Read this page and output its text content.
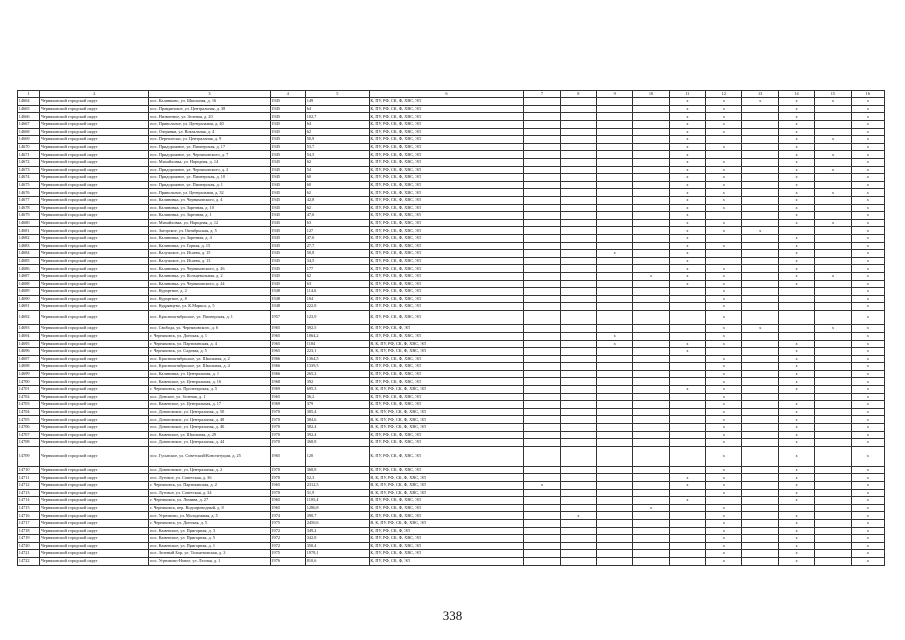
1	2	3	4	5	6	7	8	9	10	11	12	13	14	15	16
14664	Черняховский городской округ	пос. Калинково, ул. Школьная, д. 16	1945	149	К, ПУ, РФ, СК, Ф, ХВС, ЭЛ					x	x	x	x	x	x
14665	Черняховский городской округ	пос. Правдинское, ул. Центральная, д. 38	1945	64	К, ПУ, РФ, СК, Ф, ХВС, ЭЛ					x	x		x		x
14666	Черняховский городской округ	пос. Низменное, ул. Зеленая, д. 20	1945	102,7	К, ПУ, РФ, СК, Ф, ХВС, ЭЛ					x	x		x		x
14667	Черняховский городской округ	пос. Привольное, ул. Центральная, д. 40	1945	64	К, ПУ, РФ, СК, Ф, ХВС, ЭЛ					x	x		x		x
14668	Черняховский городской округ	пос. Озерянки, ул. Вокзальная, д. 4	1945	62	К, ПУ, РФ, СК, Ф, ХВС, ЭЛ					x	x		x		x
14669	Черняховский городской округ	пос. Переплески, ул. Центральная, д. 9	1945	50,9	К, ПУ, РФ, СК, Ф, ХВС, ЭЛ					x			x	x	x
14670	Черняховский городской округ	пос. Придорожное, ул. Пионерская, д. 17	1945	53,7	К, ПУ, РФ, СК, Ф, ХВС, ЭЛ					x	x		x		x
14671	Черняховский городской округ	пос. Придорожное, ул. Черняховского, д. 7	1945	54,5	К, ПУ, РФ, СК, Ф, ХВС, ЭЛ					x			x	x	x
14672	Черняховский городской округ	пос. Михайловка, ул. Народная, д. 14	1945	62	К, ПУ, РФ, СК, Ф, ХВС, ЭЛ					x	x		x		x
14673	Черняховский городской округ	пос. Придорожное, ул. Черняховского, д. 2	1945	54	К, ПУ, РФ, СК, Ф, ХВС, ЭЛ					x	x		x	x	x
14674	Черняховский городской округ	пос. Придорожное, ул. Пионерская, д. 10	1945	60	К, ПУ, РФ, СК, Ф, ХВС, ЭЛ					x	x		x		x
14675	Черняховский городской округ	пос. Придорожное, ул. Пионерская, д. 1	1945	60	К, ПУ, РФ, СК, Ф, ХВС, ЭЛ					x	x		x		x
14676	Черняховский городской округ	пос. Привольное, ул. Центральная, д. 32	1945	62	К, ПУ, РФ, СК, Ф, ХВС, ЭЛ					x	x		x	x	x
14677	Черняховский городской округ	пос. Калиновка, ул. Черняховского, д. 4	1945	42,8	К, ПУ, РФ, СК, Ф, ХВС, ЭЛ					x	x		x		x
14678	Черняховский городской округ	пос. Калиновка, ул. Заречная, д. 10	1945	62	К, ПУ, РФ, СК, Ф, ХВС, ЭЛ					x	x		x		x
14679	Черняховский городской округ	пос. Калиновка, ул. Заречная, д. 1	1945	47,6	К, ПУ, РФ, СК, Ф, ХВС, ЭЛ					x			x		x
14680	Черняховский городской округ	пос. Михайловка, ул. Народная, д. 12	1945	63	К, ПУ, РФ, СК, Ф, ХВС, ЭЛ					x	x		x	x	x
14681	Черняховский городской округ	пос. Загорское, ул. Октябрьская, д. 5	1945	127	К, ПУ, РФ, СК, Ф, ХВС, ЭЛ					x	x	x			x
14682	Черняховский городской округ	пос. Калиновка, ул. Заречная, д. 4	1945	47,6	К, ПУ, РФ, СК, Ф, ХВС, ЭЛ					x			x		x
14683	Черняховский городской округ	пос. Калиновка, ул. Горная, д. 15	1945	27,7	К, ПУ, РФ, СК, Ф, ХВС, ЭЛ					x	x		x		x
14684	Черняховский городской округ	пос. Калужское, ул. Исаева, д. 15	1945	50,8	К, ПУ, РФ, СК, Ф, ХВС, ЭЛ			x		x			x		x
14685	Черняховский городской округ	пос. Калужское, ул. Исаева, д. 13	1945	34,5	К, ПУ, РФ, СК, Ф, ХВС, ЭЛ					x			x		x
14686	Черняховский городской округ	пос. Калиновка, ул. Черняховского, д. 26	1945	177	К, ПУ, РФ, СК, Ф, ХВС, ЭЛ					x	x		x		x
14687	Черняховский городской округ	пос. Калиновка, ул. Кольцевальная, д. 2	1945	62	К, ПУ, РФ, СК, Ф, ХВС, ЭЛ				x	x	x		x	x	x
14688	Черняховский городской округ	пос. Калиновка, ул. Черняховского, д. 24	1945	63	К, ПУ, РФ, СК, Ф, ХВС, ЭЛ					x	x		x		x
14689	Черняховский городской округ	пос. Курортное, д. 2	1948	114,6	К, ПУ, РФ, СК, Ф, ХВС, ЭЛ						x				x
14690	Черняховский городской округ	пос. Курортное, д. 8	1948	104	К, ПУ, РФ, СК, Ф, ХВС, ЭЛ						x				x
14691	Черняховский городской округ	пос. Кудрявцево, ул. К.Маркса, д. 5	1948	222,8	К, ПУ, РФ, СК, Ф, ХВС, ЭЛ						x				x
14692	Черняховский городской округ	пос. Краснооктябрьское, ул. Пионерская, д. 1	1957	123,9	К, ПУ, РФ, СК, Ф, ХВС, ЭЛ						x				x
14693	Черняховский городской округ	пос. Свобода, ул. Черняховского, д. 6	1965	392,5	К, ПУ, РФ, СК, Ф, ЭЛ						x	x		x	x
14694	Черняховский городской округ	г. Черняховск, ул. Донская, д. 1	1965	1064,2	К, ПУ, РФ, СК, Ф, ХВС, ЭЛ			x			x				x
14695	Черняховский городской округ	г. Черняховск, ул. Партизанская, д. 4	1965	1184	В, К, ПУ, РФ, СК, Ф, ХВС, ЭЛ			x		x	x		x		x
14696	Черняховский городской округ	г. Черняховск, ул. Садовая, д. 5	1965	223,1	В, К, ПУ, РФ, СК, Ф, ХВС, ЭЛ					x			x		x
14697	Черняховский городской округ	пос. Краснооктябрьское, ул. Школьная, д. 2	1966	1364,5	К, ПУ, РФ, СК, Ф, ХВС, ЭЛ						x		x		x
14698	Черняховский городской округ	пос. Краснооктябрьское, ул. Школьная, д. 4	1966	1339,5	К, ПУ, РФ, СК, Ф, ХВС, ЭЛ						x		x		x
14699	Черняховский городской округ	пос. Калиновка, ул. Центральная, д. 1	1966	265,2	К, ПУ, РФ, СК, Ф, ХВС, ЭЛ						x		x		x
14700	Черняховский городской округ	пос. Каменское, ул. Центральная, д. 16	1968	392	К, ПУ, РФ, СК, Ф, ХВС, ЭЛ						x		x		x
14701	Черняховский городской округ	г. Черняховск, ул. Пролетарская, д. 5	1969	695,3	В, К, ПУ, РФ, СК, Ф, ХВС, ЭЛ					x	x		x		x
14702	Черняховский городской округ	пос. Донское, ул. Зеленая, д. 1	1965	36,2	К, ПУ, РФ, СК, Ф, ХВС, ЭЛ						x				x
14703	Черняховский городской округ	пос. Каменское, ул. Центральная, д. 17	1969	379	К, ПУ, РФ, СК, Ф, ХВС, ЭЛ						x		x		x
14704	Черняховский городской округ	пос. Доватовское, ул. Центральная, д. 50	1970	385,4	В, К, ПУ, РФ, СК, Ф, ХВС, ЭЛ						x		x		x
14705	Черняховский городской округ	пос. Доватовское, ул. Центральная, д. 48	1970	384,6	В, К, ПУ, РФ, СК, Ф, ХВС, ЭЛ						x		x		x
14706	Черняховский городской округ	пос. Доватовское, ул. Центральная, д. 46	1970	382,4	В, К, ПУ, РФ, СК, Ф, ХВС, ЭЛ						x		x		x
14707	Черняховский городской округ	пос. Каменское, ул. Школьная, д. 29	1970	392,4	К, ПУ, РФ, СК, Ф, ХВС, ЭЛ						x		x		x
14708	Черняховский городской округ	пос. Доватовское, ул. Центральная, д. 44	1970	368,8	К, ПУ, РФ, СК, Ф, ХВС, ЭЛ						x		x		x
14709	Черняховский городской округ	пос. Гусьвское, ул. Советский/Конституции, д. 25	1965	120	К, ПУ, РФ, СК, Ф, ХВС, ЭЛ						x		x		x
14710	Черняховский городской округ	пос. Доватовское, ул. Центральная, д. 2	1970	368,8	К, ПУ, РФ, СК, Ф, ХВС, ЭЛ						x		x		x
14711	Черняховский городской округ	пос. Луговое, ул. Советская, д. 36	1970	52,3	В, К, ПУ, РФ, СК, Ф, ХВС, ЭЛ					x	x		x		x
14712	Черняховский городской округ	г. Черняховск, ул. Партизанская, д. 2	1965	2312,5	В, К, ПУ, РФ, СК, Ф, ХВС, ЭЛ	x				x	x		x		x
14713	Черняховский городской округ	пос. Луговое, ул. Советская, д. 34	1970	31,9	В, К, ПУ, РФ, СК, Ф, ХВС, ЭЛ						x		x		x
14714	Черняховский городской округ	г. Черняховск, ул. Ломина, д. 27	1965	1105,4	В, ПУ, РФ, СК, Ф, ХВС, ЭЛ					x			x		x
14715	Черняховский городской округ	г. Черняховск, пер. Водопроводный, д. 8	1965	1286,8	К, ПУ, РФ, СК, Ф, ХВС, ЭЛ				x		x				x
14716	Черняховский городской округ	пос. Угрюмово, ул. Молодежная, д. 5	1974	390,7	К, ПУ, РФ, СК, Ф, ХВС, ЭЛ		x				x		x		x
14717	Черняховский городской округ	г. Черняховск, ул. Донская, д. 5	1975	2450,6	В, К, ПУ, РФ, СК, Ф, ХВС, ЭЛ						x		x		x
14718	Черняховский городской округ	пос. Каменское, ул. Пригорная, д. 3	1972	349,2	К, ПУ, РФ, СК, Ф, ЭЛ						x		x		x
14719	Черняховский городской округ	пос. Каменское, ул. Пригорная, д. 5	1972	342,8	К, ПУ, РФ, СК, Ф, ХВС, ЭЛ						x		x		x
14720	Черняховский городской округ	пос. Каменское, ул. Пригорная, д. 1	1972	350,4	К, ПУ, РФ, СК, Ф, ХВС, ЭЛ						x		x		x
14721	Черняховский городской округ	пос. Зеленый Бор, ул. Тольятковская, д. 3	1975	1978,1	К, ПУ, РФ, СК, Ф, ХВС, ЭЛ						x		x		x
14722	Черняховский городской округ	пос. Угрюмово-Новое, ул. Лесная, д. 1	1976	810,6	К, ПУ, РФ, СК, Ф, ЭЛ						x		x		x
338
